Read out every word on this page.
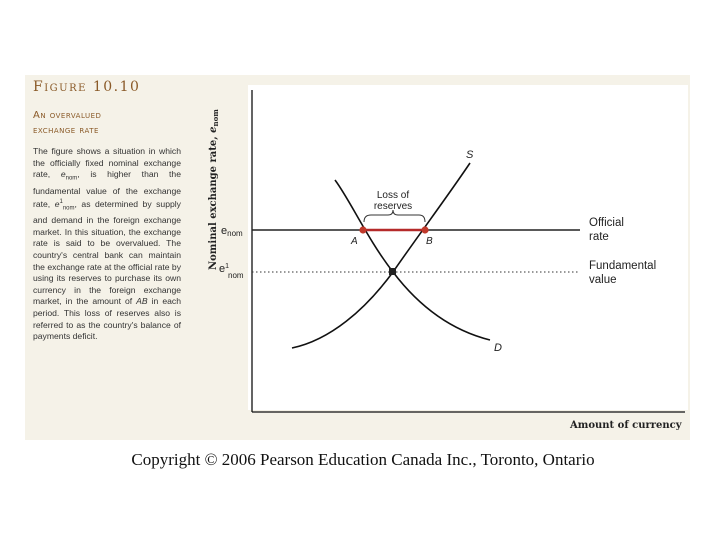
Figure 10.10
An overvalued
exchange rate
The figure shows a situation in which the officially fixed nominal exchange rate, $e_{nom}$, is higher than the fundamental value of the exchange rate, $e^1_{nom}$, as determined by supply and demand in the foreign exchange market. In this situation, the exchange rate is said to be overvalued. The country's central bank can maintain the exchange rate at the official rate by using its reserves to purchase its own currency in the foreign exchange market, in the amount of AB in each period. This loss of reserves also is referred to as the country's balance of payments deficit.
Nominal exchange rate, $e_{nom}$
Amount of currency
S
D
Loss of
reserves
A	B
enom
$e^1$ nom
Official
rate
Fundamental
value
Copyright © 2006 Pearson Education Canada Inc., Toronto, Ontario
